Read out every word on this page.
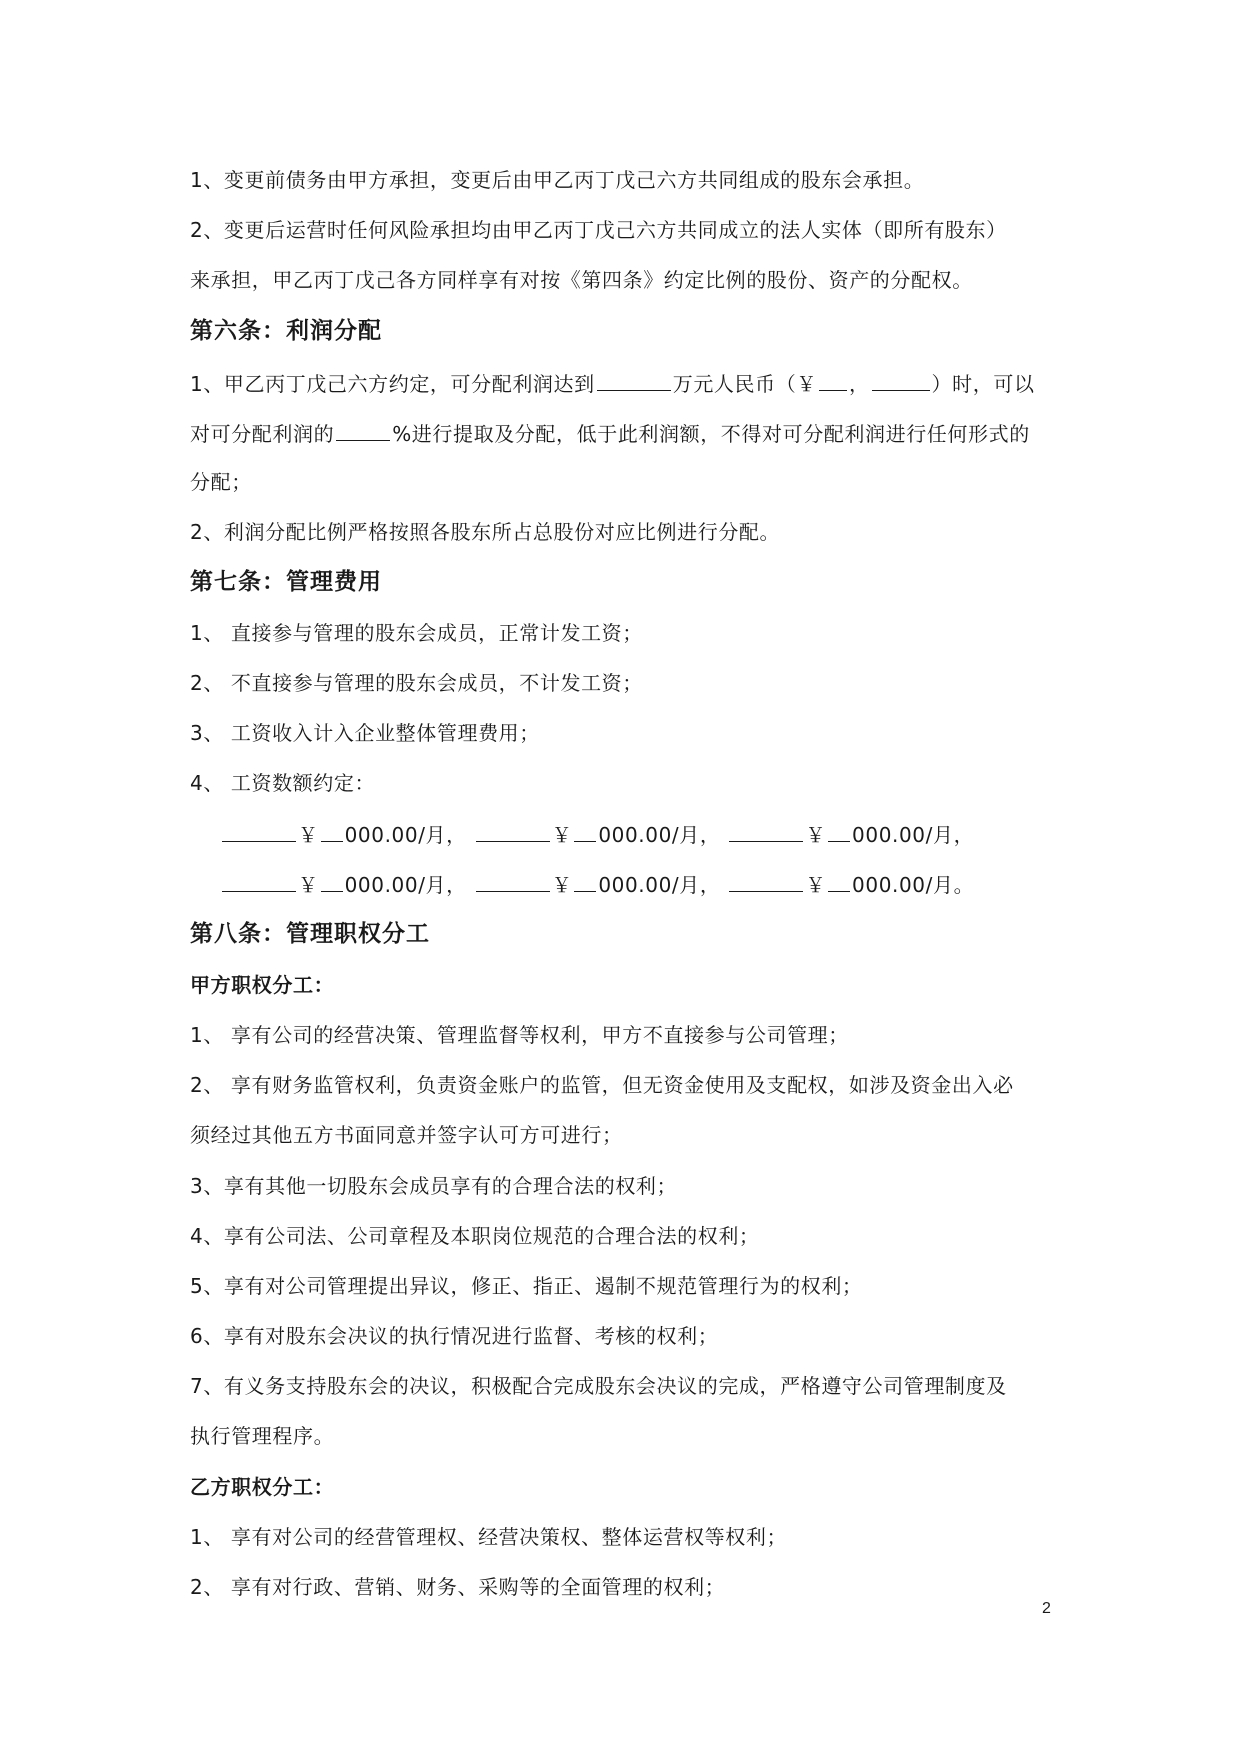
1、变更前债务由甲方承担，变更后由甲乙丙丁戊己六方共同组成的股东会承担。
2、变更后运营时任何风险承担均由甲乙丙丁戊己六方共同成立的法人实体（即所有股东）
来承担，甲乙丙丁戊己各方同样享有对按《第四条》约定比例的股份、资产的分配权。
第六条：利润分配
1、甲乙丙丁戊己六方约定，可分配利润达到	万元人民币（￥ ，	）时，可以
对可分配利润的	%进行提取及分配，低于此利润额，不得对可分配利润进行任何形式的
分配；
2、利润分配比例严格按照各股东所占总股份对应比例进行分配。
第七条：管理费用
1、 直接参与管理的股东会成员，正常计发工资；
2、 不直接参与管理的股东会成员，不计发工资；
3、 工资收入计入企业整体管理费用；
4、 工资数额约定：
￥ 000.00/月，	￥ 000.00/月，	￥ 000.00/月，
￥ 000.00/月，	￥ 000.00/月，	￥ 000.00/月。
第八条：管理职权分工
甲方职权分工：
1、 享有公司的经营决策、管理监督等权利，甲方不直接参与公司管理；
2、 享有财务监管权利，负责资金账户的监管，但无资金使用及支配权，如涉及资金出入必
须经过其他五方书面同意并签字认可方可进行；
3、享有其他一切股东会成员享有的合理合法的权利；
4、享有公司法、公司章程及本职岗位规范的合理合法的权利；
5、享有对公司管理提出异议，修正、指正、遏制不规范管理行为的权利；
6、享有对股东会决议的执行情况进行监督、考核的权利；
7、有义务支持股东会的决议，积极配合完成股东会决议的完成，严格遵守公司管理制度及
执行管理程序。
乙方职权分工：
1、 享有对公司的经营管理权、经营决策权、整体运营权等权利；
2、 享有对行政、营销、财务、采购等的全面管理的权利；
2
